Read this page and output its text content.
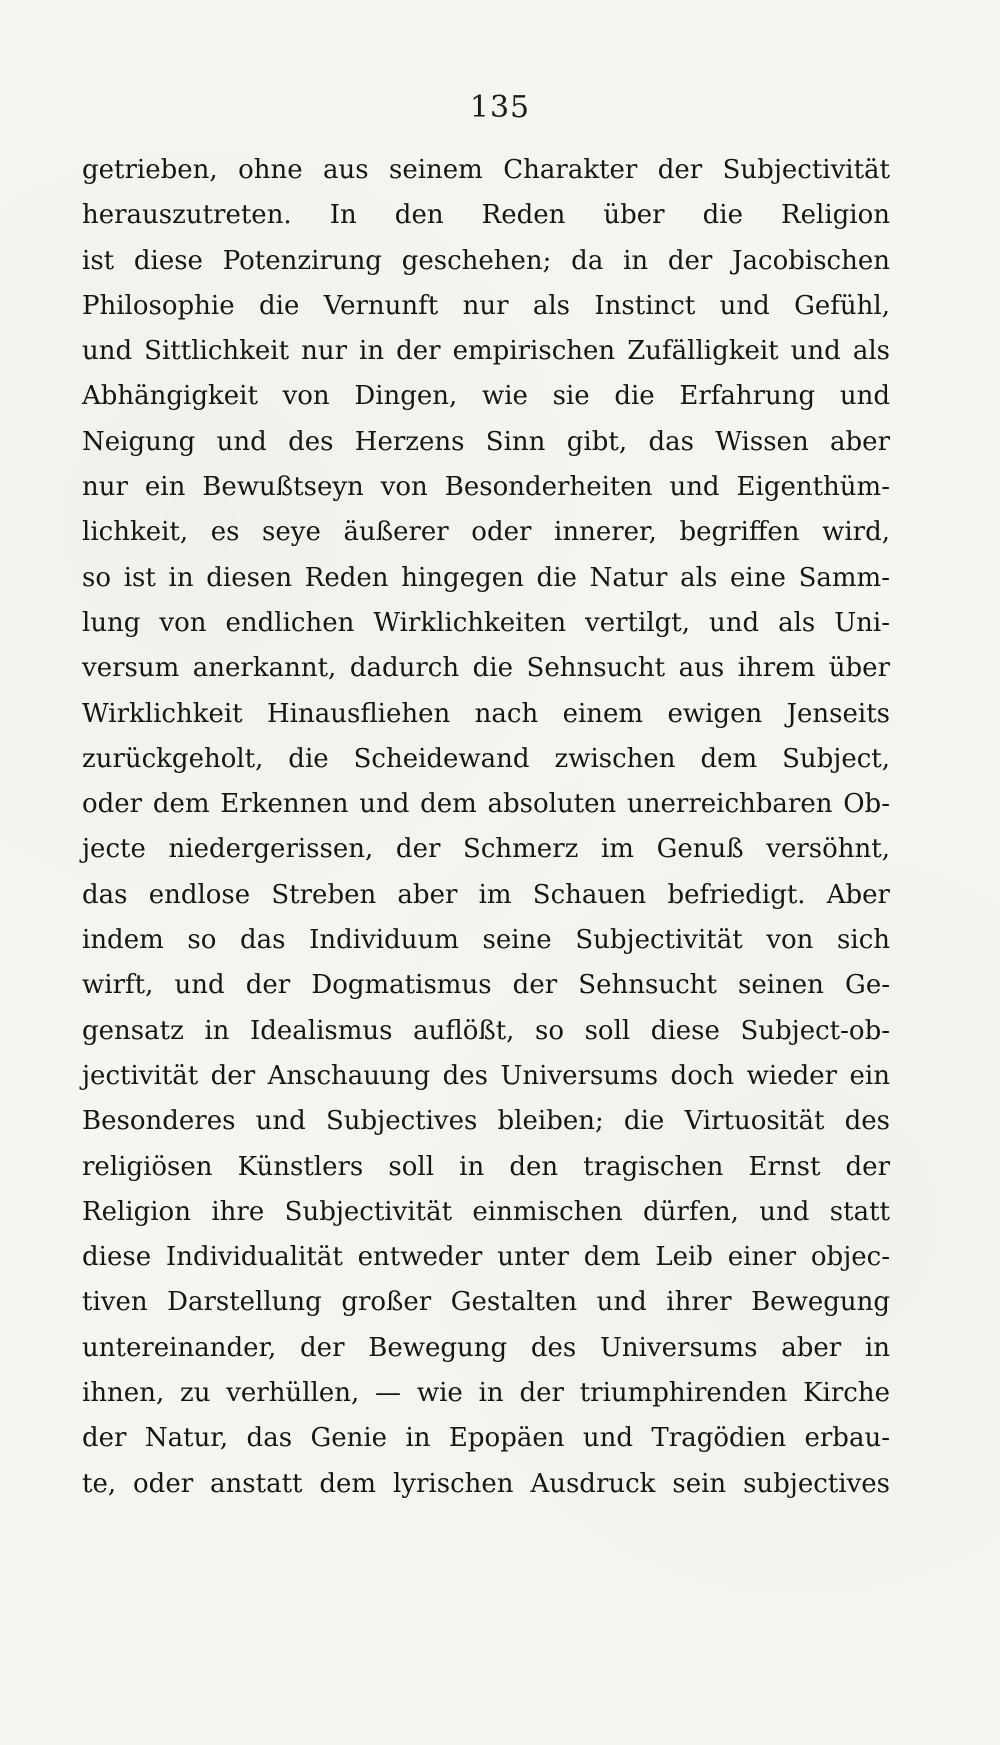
135
getrieben, ohne aus seinem Charakter der Subjectivität
herauszutreten. In den Reden über die Religion
ist diese Potenzirung geschehen; da in der Jacobischen
Philosophie die Vernunft nur als Instinct und Gefühl,
und Sittlichkeit nur in der empirischen Zufälligkeit und als
Abhängigkeit von Dingen, wie sie die Erfahrung und
Neigung und des Herzens Sinn gibt, das Wissen aber
nur ein Bewußtseyn von Besonderheiten und Eigenthüm-
lichkeit, es seye äußerer oder innerer, begriffen wird,
so ist in diesen Reden hingegen die Natur als eine Samm-
lung von endlichen Wirklichkeiten vertilgt, und als Uni-
versum anerkannt, dadurch die Sehnsucht aus ihrem über
Wirklichkeit Hinausfliehen nach einem ewigen Jenseits
zurückgeholt, die Scheidewand zwischen dem Subject,
oder dem Erkennen und dem absoluten unerreichbaren Ob-
jecte niedergerissen, der Schmerz im Genuß versöhnt,
das endlose Streben aber im Schauen befriedigt. Aber
indem so das Individuum seine Subjectivität von sich
wirft, und der Dogmatismus der Sehnsucht seinen Ge-
gensatz in Idealismus auflößt, so soll diese Subject-ob-
jectivität der Anschauung des Universums doch wieder ein
Besonderes und Subjectives bleiben; die Virtuosität des
religiösen Künstlers soll in den tragischen Ernst der
Religion ihre Subjectivität einmischen dürfen, und statt
diese Individualität entweder unter dem Leib einer objec-
tiven Darstellung großer Gestalten und ihrer Bewegung
untereinander, der Bewegung des Universums aber in
ihnen, zu verhüllen, — wie in der triumphirenden Kirche
der Natur, das Genie in Epopäen und Tragödien erbau-
te, oder anstatt dem lyrischen Ausdruck sein subjectives
